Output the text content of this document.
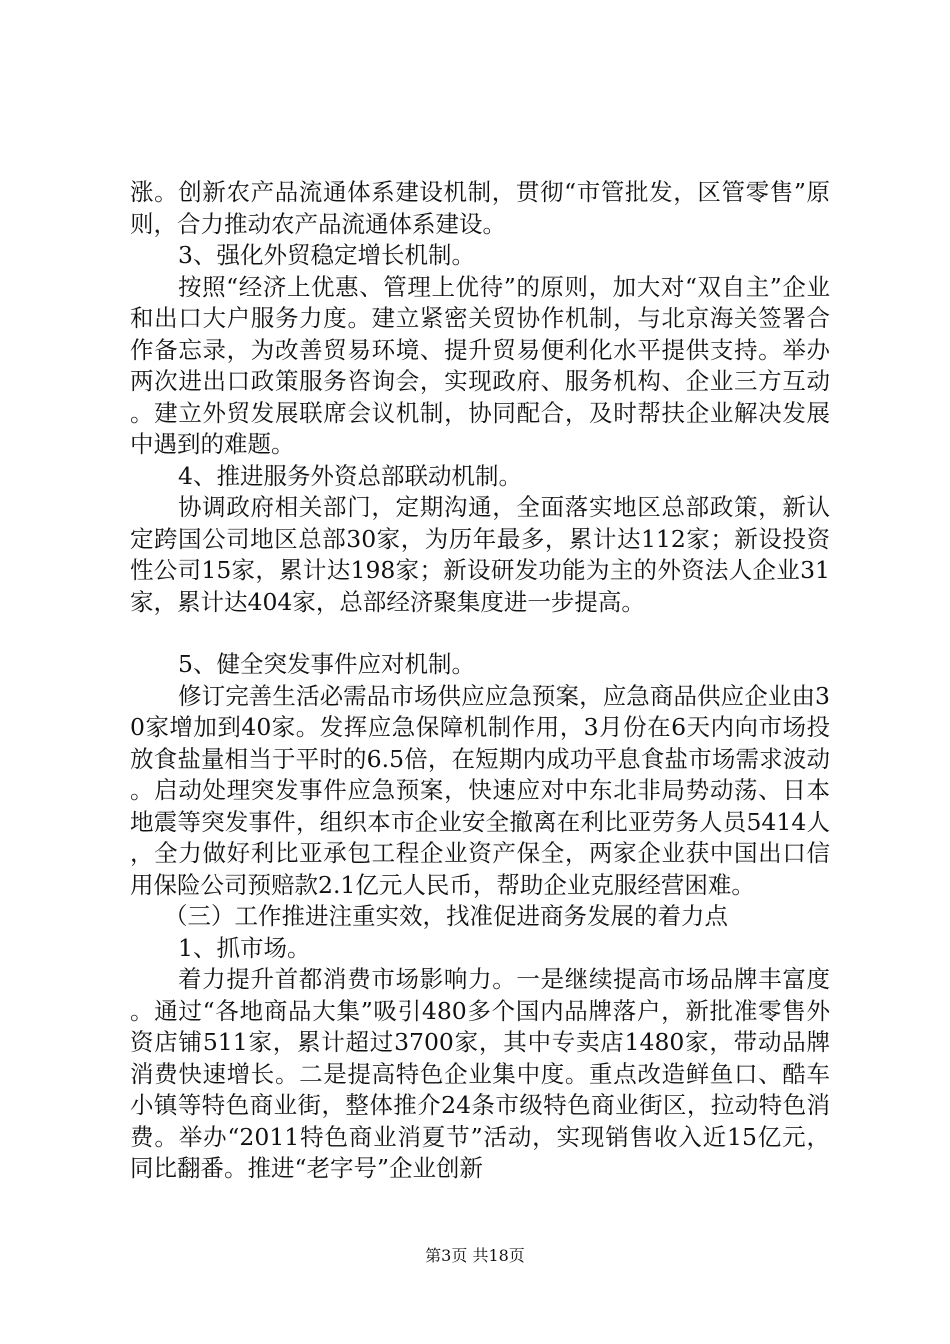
涨。创新农产品流通体系建设机制，贯彻“市管批发，区管零售”原则，合力推动农产品流通体系建设。

3、强化外贸稳定增长机制。

按照“经济上优惠、管理上优待”的原则，加大对“双自主”企业和出口大户服务力度。建立紧密关贸协作机制，与北京海关签署合作备忘录，为改善贸易环境、提升贸易便利化水平提供支持。举办两次进出口政策服务咨询会，实现政府、服务机构、企业三方互动。建立外贸发展联席会议机制，协同配合，及时帮扶企业解决发展中遇到的难题。

4、推进服务外资总部联动机制。

协调政府相关部门，定期沟通，全面落实地区总部政策，新认定跨国公司地区总部30家，为历年最多，累计达112家；新设投资性公司15家，累计达198家；新设研发功能为主的外资法人企业31家，累计达404家，总部经济聚集度进一步提高。

5、健全突发事件应对机制。

修订完善生活必需品市场供应应急预案，应急商品供应企业由30家增加到40家。发挥应急保障机制作用，3月份在6天内向市场投放食盐量相当于平时的6.5倍，在短期内成功平息食盐市场需求波动。启动处理突发事件应急预案，快速应对中东北非局势动荡、日本地震等突发事件，组织本市企业安全撤离在利比亚劳务人员5414人，全力做好利比亚承包工程企业资产保全，两家企业获中国出口信用保险公司预赔款2.1亿元人民币，帮助企业克服经营困难。

（三）工作推进注重实效，找准促进商务发展的着力点

1、抓市场。

着力提升首都消费市场影响力。一是继续提高市场品牌丰富度。通过“各地商品大集”吸引480多个国内品牌落户，新批准零售外资店铺511家，累计超过3700家，其中专卖店1480家，带动品牌消费快速增长。二是提高特色企业集中度。重点改造鲜鱼口、酷车小镇等特色商业街，整体推介24条市级特色商业街区，拉动特色消费。举办“2011特色商业消夏节”活动，实现销售收入近15亿元，同比翻番。推进“老字号”企业创新

第3页 共18页
